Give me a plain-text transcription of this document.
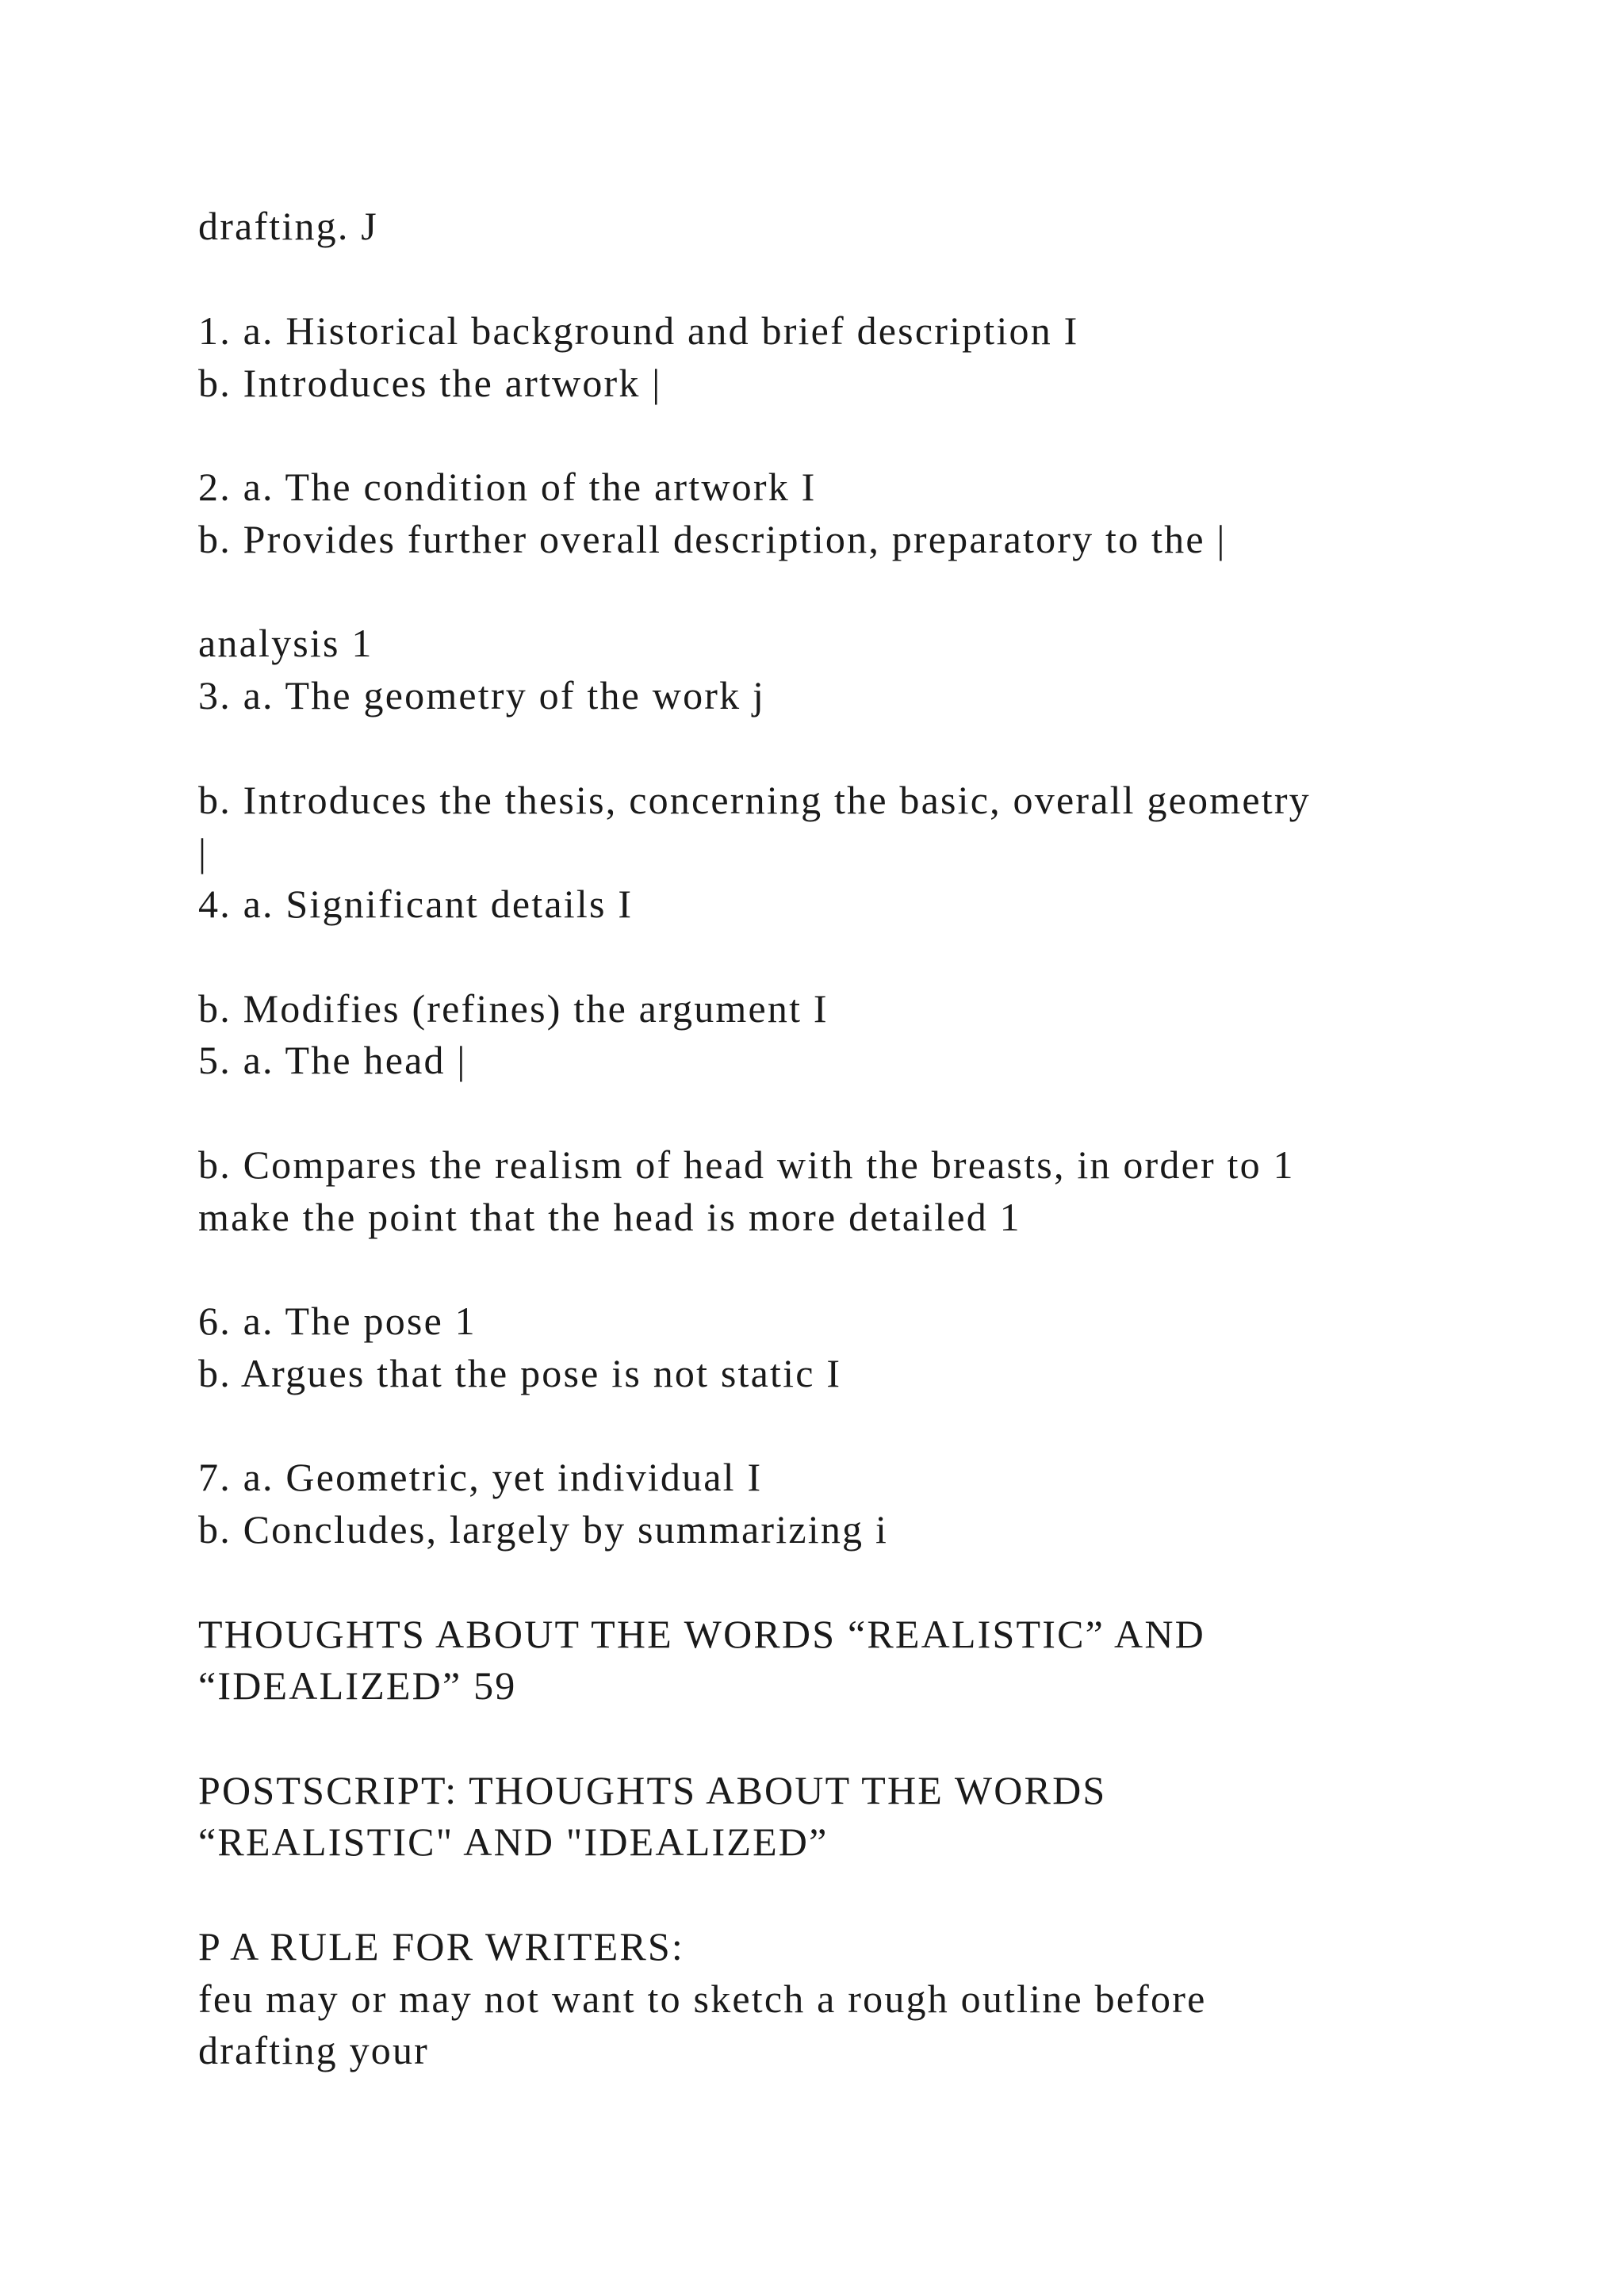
drafting. J

1. a. Historical background and brief description I

b. Introduces the artwork |

2. a. The condition of the artwork I

b. Provides further overall description, preparatory to the |

analysis 1

3. a. The geometry of the work j

b. Introduces the thesis, concerning the basic, overall geometry

|

4. a. Significant details I

b. Modifies (refines) the argument I

5. a. The head |

b. Compares the realism of head with the breasts, in order to 1

make the point that the head is more detailed 1

6. a. The pose 1

b. Argues that the pose is not static I

7. a. Geometric, yet individual I

b. Concludes, largely by summarizing i

THOUGHTS ABOUT THE WORDS “REALISTIC” AND

“IDEALIZED” 59

POSTSCRIPT: THOUGHTS ABOUT THE WORDS

“REALISTIC" AND "IDEALIZED”

P A RULE FOR WRITERS:

feu may or may not want to sketch a rough outline before

drafting your
